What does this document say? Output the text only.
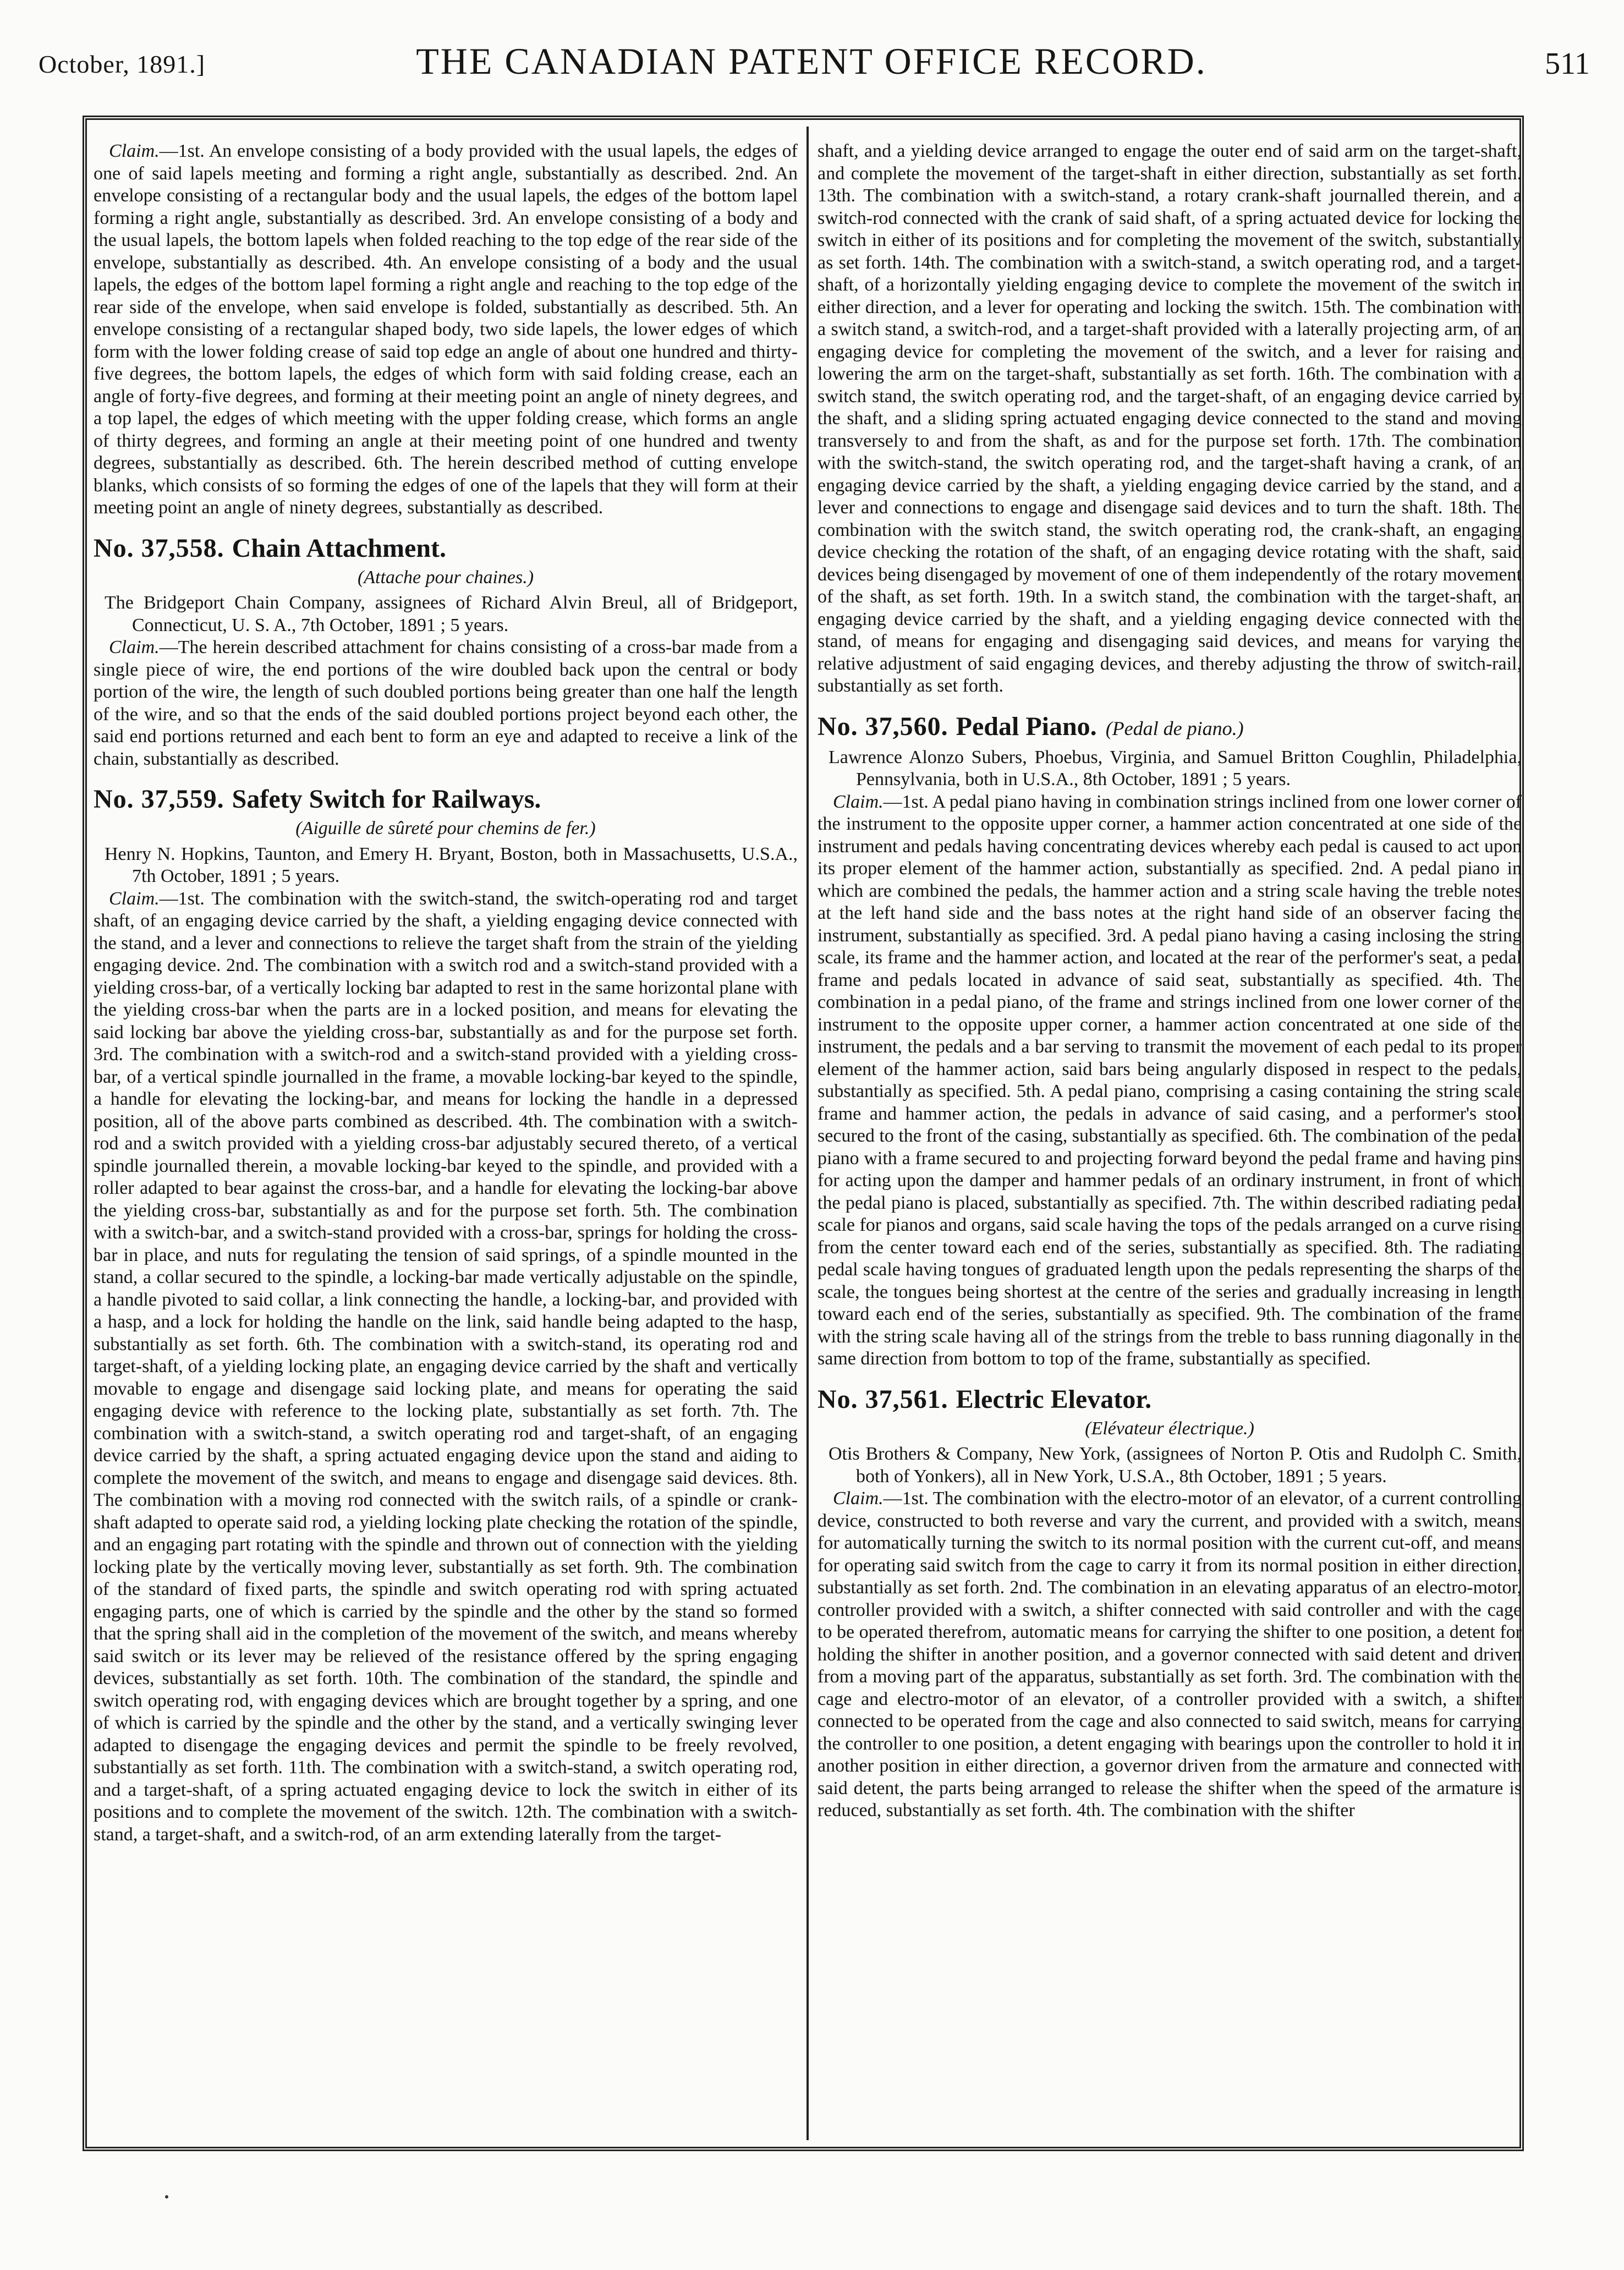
October, 1891.]	THE CANADIAN PATENT OFFICE RECORD.	511

Claim.—1st. An envelope consisting of a body provided with the usual lapels, the edges of one of said lapels meeting and forming a right angle, substantially as described. 2nd. An envelope consisting of a rectangular body and the usual lapels, the edges of the bottom lapel forming a right angle, substantially as described. 3rd. An envelope consisting of a body and the usual lapels, the bottom lapels when folded reaching to the top edge of the rear side of the envelope, substantially as described. 4th. An envelope consisting of a body and the usual lapels, the edges of the bottom lapel forming a right angle and reaching to the top edge of the rear side of the envelope, when said envelope is folded, substantially as described. 5th. An envelope consisting of a rectangular shaped body, two side lapels, the lower edges of which form with the lower folding crease of said top edge an angle of about one hundred and thirty-five degrees, the bottom lapels, the edges of which form with said folding crease, each an angle of forty-five degrees, and forming at their meeting point an angle of ninety degrees, and a top lapel, the edges of which meeting with the upper folding crease, which forms an angle of thirty degrees, and forming an angle at their meeting point of one hundred and twenty degrees, substantially as described. 6th. The herein described method of cutting envelope blanks, which consists of so forming the edges of one of the lapels that they will form at their meeting point an angle of ninety degrees, substantially as described.

No. 37,558. Chain Attachment.

(Attache pour chaines.)

The Bridgeport Chain Company, assignees of Richard Alvin Breul, all of Bridgeport, Connecticut, U. S. A., 7th October, 1891 ; 5 years.

Claim.—The herein described attachment for chains consisting of a cross-bar made from a single piece of wire, the end portions of the wire doubled back upon the central or body portion of the wire, the length of such doubled portions being greater than one half the length of the wire, and so that the ends of the said doubled portions project beyond each other, the said end portions returned and each bent to form an eye and adapted to receive a link of the chain, substantially as described.

No. 37,559. Safety Switch for Railways.

(Aiguille de sûreté pour chemins de fer.)

Henry N. Hopkins, Taunton, and Emery H. Bryant, Boston, both in Massachusetts, U.S.A., 7th October, 1891 ; 5 years.

Claim.—1st. The combination with the switch-stand, the switch-operating rod and target shaft, of an engaging device carried by the shaft, a yielding engaging device connected with the stand, and a lever and connections to relieve the target shaft from the strain of the yielding engaging device. 2nd. The combination with a switch rod and a switch-stand provided with a yielding cross-bar, of a vertically locking bar adapted to rest in the same horizontal plane with the yielding cross-bar when the parts are in a locked position, and means for elevating the said locking bar above the yielding cross-bar, substantially as and for the purpose set forth. 3rd. The combination with a switch-rod and a switch-stand provided with a yielding cross-bar, of a vertical spindle journalled in the frame, a movable locking-bar keyed to the spindle, a handle for elevating the locking-bar, and means for locking the handle in a depressed position, all of the above parts combined as described. 4th. The combination with a switch-rod and a switch provided with a yielding cross-bar adjustably secured thereto, of a vertical spindle journalled therein, a movable locking-bar keyed to the spindle, and provided with a roller adapted to bear against the cross-bar, and a handle for elevating the locking-bar above the yielding cross-bar, substantially as and for the purpose set forth. 5th. The combination with a switch-bar, and a switch-stand provided with a cross-bar, springs for holding the cross-bar in place, and nuts for regulating the tension of said springs, of a spindle mounted in the stand, a collar secured to the spindle, a locking-bar made vertically adjustable on the spindle, a handle pivoted to said collar, a link connecting the handle, a locking-bar, and provided with a hasp, and a lock for holding the handle on the link, said handle being adapted to the hasp, substantially as set forth. 6th. The combination with a switch-stand, its operating rod and target-shaft, of a yielding locking plate, an engaging device carried by the shaft and vertically movable to engage and disengage said locking plate, and means for operating the said engaging device with reference to the locking plate, substantially as set forth. 7th. The combination with a switch-stand, a switch operating rod and target-shaft, of an engaging device carried by the shaft, a spring actuated engaging device upon the stand and aiding to complete the movement of the switch, and means to engage and disengage said devices. 8th. The combination with a moving rod connected with the switch rails, of a spindle or crank-shaft adapted to operate said rod, a yielding locking plate checking the rotation of the spindle, and an engaging part rotating with the spindle and thrown out of connection with the yielding locking plate by the vertically moving lever, substantially as set forth. 9th. The combination of the standard of fixed parts, the spindle and switch operating rod with spring actuated engaging parts, one of which is carried by the spindle and the other by the stand so formed that the spring shall aid in the completion of the movement of the switch, and means whereby said switch or its lever may be relieved of the resistance offered by the spring engaging devices, substantially as set forth. 10th. The combination of the standard, the spindle and switch operating rod, with engaging devices which are brought together by a spring, and one of which is carried by the spindle and the other by the stand, and a vertically swinging lever adapted to disengage the engaging devices and permit the spindle to be freely revolved, substantially as set forth. 11th. The combination with a switch-stand, a switch operating rod, and a target-shaft, of a spring actuated engaging device to lock the switch in either of its positions and to complete the movement of the switch. 12th. The combination with a switch-stand, a target-shaft, and a switch-rod, of an arm extending laterally from the target-

shaft, and a yielding device arranged to engage the outer end of said arm on the target-shaft, and complete the movement of the target-shaft in either direction, substantially as set forth. 13th. The combination with a switch-stand, a rotary crank-shaft journalled therein, and a switch-rod connected with the crank of said shaft, of a spring actuated device for locking the switch in either of its positions and for completing the movement of the switch, substantially as set forth. 14th. The combination with a switch-stand, a switch operating rod, and a target-shaft, of a horizontally yielding engaging device to complete the movement of the switch in either direction, and a lever for operating and locking the switch. 15th. The combination with a switch stand, a switch-rod, and a target-shaft provided with a laterally projecting arm, of an engaging device for completing the movement of the switch, and a lever for raising and lowering the arm on the target-shaft, substantially as set forth. 16th. The combination with a switch stand, the switch operating rod, and the target-shaft, of an engaging device carried by the shaft, and a sliding spring actuated engaging device connected to the stand and moving transversely to and from the shaft, as and for the purpose set forth. 17th. The combination with the switch-stand, the switch operating rod, and the target-shaft having a crank, of an engaging device carried by the shaft, a yielding engaging device carried by the stand, and a lever and connections to engage and disengage said devices and to turn the shaft. 18th. The combination with the switch stand, the switch operating rod, the crank-shaft, an engaging device checking the rotation of the shaft, of an engaging device rotating with the shaft, said devices being disengaged by movement of one of them independently of the rotary movement of the shaft, as set forth. 19th. In a switch stand, the combination with the target-shaft, an engaging device carried by the shaft, and a yielding engaging device connected with the stand, of means for engaging and disengaging said devices, and means for varying the relative adjustment of said engaging devices, and thereby adjusting the throw of switch-rail, substantially as set forth.

No. 37,560. Pedal Piano. (Pedal de piano.)

Lawrence Alonzo Subers, Phoebus, Virginia, and Samuel Britton Coughlin, Philadelphia, Pennsylvania, both in U.S.A., 8th October, 1891 ; 5 years.

Claim.—1st. A pedal piano having in combination strings inclined from one lower corner of the instrument to the opposite upper corner, a hammer action concentrated at one side of the instrument and pedals having concentrating devices whereby each pedal is caused to act upon its proper element of the hammer action, substantially as specified. 2nd. A pedal piano in which are combined the pedals, the hammer action and a string scale having the treble notes at the left hand side and the bass notes at the right hand side of an observer facing the instrument, substantially as specified. 3rd. A pedal piano having a casing inclosing the string scale, its frame and the hammer action, and located at the rear of the performer's seat, a pedal frame and pedals located in advance of said seat, substantially as specified. 4th. The combination in a pedal piano, of the frame and strings inclined from one lower corner of the instrument to the opposite upper corner, a hammer action concentrated at one side of the instrument, the pedals and a bar serving to transmit the movement of each pedal to its proper element of the hammer action, said bars being angularly disposed in respect to the pedals, substantially as specified. 5th. A pedal piano, comprising a casing containing the string scale frame and hammer action, the pedals in advance of said casing, and a performer's stool secured to the front of the casing, substantially as specified. 6th. The combination of the pedal piano with a frame secured to and projecting forward beyond the pedal frame and having pins for acting upon the damper and hammer pedals of an ordinary instrument, in front of which the pedal piano is placed, substantially as specified. 7th. The within described radiating pedal scale for pianos and organs, said scale having the tops of the pedals arranged on a curve rising from the center toward each end of the series, substantially as specified. 8th. The radiating pedal scale having tongues of graduated length upon the pedals representing the sharps of the scale, the tongues being shortest at the centre of the series and gradually increasing in length toward each end of the series, substantially as specified. 9th. The combination of the frame with the string scale having all of the strings from the treble to bass running diagonally in the same direction from bottom to top of the frame, substantially as specified.

No. 37,561. Electric Elevator.

(Elévateur électrique.)

Otis Brothers & Company, New York, (assignees of Norton P. Otis and Rudolph C. Smith, both of Yonkers), all in New York, U.S.A., 8th October, 1891 ; 5 years.

Claim.—1st. The combination with the electro-motor of an elevator, of a current controlling device, constructed to both reverse and vary the current, and provided with a switch, means for automatically turning the switch to its normal position with the current cut-off, and means for operating said switch from the cage to carry it from its normal position in either direction, substantially as set forth. 2nd. The combination in an elevating apparatus of an electro-motor, controller provided with a switch, a shifter connected with said controller and with the cage to be operated therefrom, automatic means for carrying the shifter to one position, a detent for holding the shifter in another position, and a governor connected with said detent and driven from a moving part of the apparatus, substantially as set forth. 3rd. The combination with the cage and electro-motor of an elevator, of a controller provided with a switch, a shifter connected to be operated from the cage and also connected to said switch, means for carrying the controller to one position, a detent engaging with bearings upon the controller to hold it in another position in either direction, a governor driven from the armature and connected with said detent, the parts being arranged to release the shifter when the speed of the armature is reduced, substantially as set forth. 4th. The combination with the shifter
